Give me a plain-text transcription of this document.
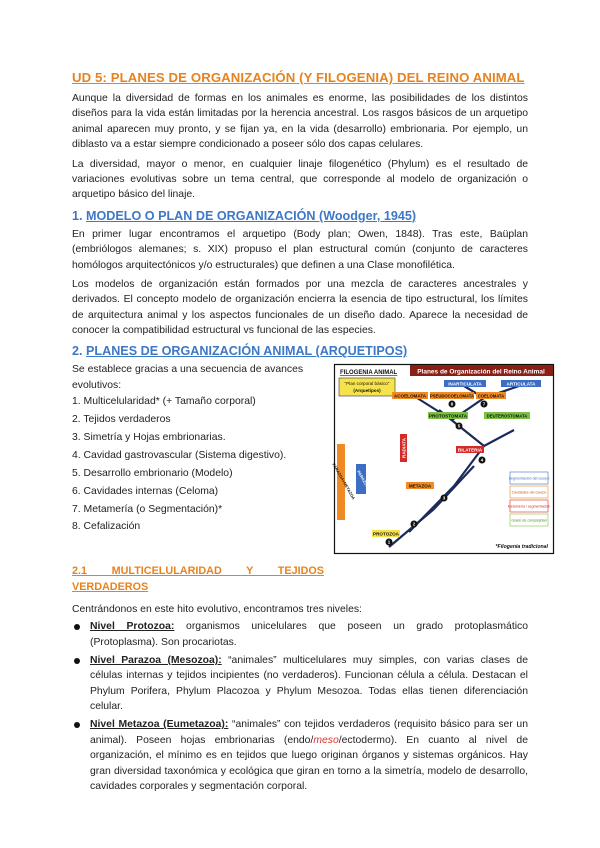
UD 5: PLANES DE ORGANIZACIÓN (Y FILOGENIA) DEL REINO ANIMAL

Aunque la diversidad de formas en los animales es enorme, las posibilidades de los distintos diseños para la vida están limitadas por la herencia ancestral. Los rasgos básicos de un arquetipo animal aparecen muy pronto, y se fijan ya, en la vida (desarrollo) embrionaria. Por ejemplo, un diblasto va a estar siempre condicionado a poseer sólo dos capas celulares.

La diversidad, mayor o menor, en cualquier linaje filogenético (Phylum) es el resultado de variaciones evolutivas sobre un tema central, que corresponde al modelo de organización o arquetipo básico del linaje.

1. MODELO O PLAN DE ORGANIZACIÓN (Woodger, 1945)

En primer lugar encontramos el arquetipo (Body plan; Owen, 1848). Tras este, Baüplan (embriólogos alemanes; s. XIX) propuso el plan estructural común (conjunto de caracteres homólogos arquitectónicos y/o estructurales) que definen a una Clase monofilética.

Los modelos de organización están formados por una mezcla de caracteres ancestrales y derivados. El concepto modelo de organización encierra la esencia de tipo estructural, los límites de arquitectura animal y los aspectos funcionales de un diseño dado. Aparece la necesidad de conocer la compatibilidad estructural vs funcional de las especies.

2. PLANES DE ORGANIZACIÓN ANIMAL (ARQUETIPOS)

Se establece gracias a una secuencia de avances evolutivos:

1. Multicelularidad* (+ Tamaño corporal)
2. Tejidos verdaderos
3. Simetría y Hojas embrionarias.
4. Cavidad gastrovascular (Sistema digestivo).
5. Desarrollo embrionario (Modelo)
6. Cavidades internas (Celoma)
7. Metamería (o Segmentación)*
8. Cefalización
Planes de Organización del Reino Animal
FILOGENIA ANIMAL
"Plan corporal básico"
(Arquetipos)
INARTICULATA	ARTICULATA
ACOELOMATA PSEUDOCOELOMATA COELOMATA
PROTOSTOMATA	DEUTEROSTOMATA
BILATERIA
RADIATA
METAZOA
PROTOZOA
PARAZOA+METAZOA PARAZOA
1
2
3
4
5
6	7
Segmentación del cuerpo
Cavidades del cuerpo
Metamería / segmentación
Grado de complejidad
*Filogenia tradicional
2.1 MULTICELULARIDAD Y TEJIDOS VERDADEROS

Centrándonos en este hito evolutivo, encontramos tres niveles:

Nivel Protozoa: organismos unicelulares que poseen un grado protoplasmático (Protoplasma). Son procariotas.
Nivel Parazoa (Mesozoa): “animales” multicelulares muy simples, con varias clases de células internas y tejidos incipientes (no verdaderos). Funcionan célula a célula. Destacan el Phylum Porifera, Phylum Placozoa y Phylum Mesozoa. Todas ellas tienen diferenciación celular.
Nivel Metazoa (Eumetazoa): “animales” con tejidos verdaderos (requisito básico para ser un animal). Poseen hojas embrionarias (endo/meso/ectodermo). En cuanto al nivel de organización, el mínimo es en tejidos que luego originan órganos y sistemas orgánicos. Hay gran diversidad taxonómica y ecológica que giran en torno a la simetría, modelo de desarrollo, cavidades corporales y segmentación corporal.
